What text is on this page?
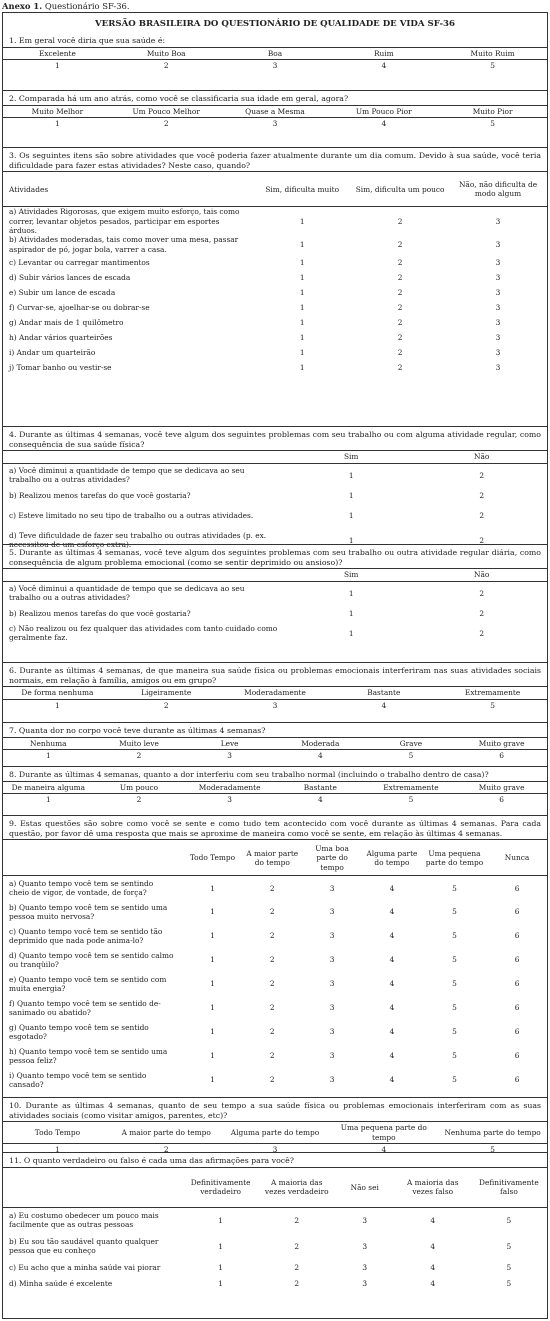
Anexo 1. Questionário SF-36.
VERSÃO BRASILEIRA DO QUESTIONÁRIO DE QUALIDADE DE VIDA SF-36
1. Em geral você diria que sua saúde é:
Excelente	Muito Boa	Boa	Ruim	Muito Ruim
1	2	3	4	5
2. Comparada há um ano atrás, como você se classificaria sua idade em geral, agora?
Muito Melhor	Um Pouco Melhor	Quase a Mesma	Um Pouco Pior	Muito Pior
1	2	3	4	5
3. Os seguintes itens são sobre atividades que você poderia fazer atualmente durante um dia comum. Devido à sua saúde, você teria dificuldade para fazer estas atividades? Neste caso, quando?
Atividades	Sim, dificulta muito	Sim, dificulta um pouco	Não, não dificulta de modo algum
a) Atividades Rigorosas, que exigem muito esforço, tais como correr, levantar objetos pesados, participar em esportes árduos.	1	2	3
b) Atividades moderadas, tais como mover uma mesa, passar aspirador de pó, jogar bola, varrer a casa.	1	2	3
c) Levantar ou carregar mantimentos	1	2	3
d) Subir vários lances de escada	1	2	3
e) Subir um lance de escada	1	2	3
f) Curvar-se, ajoelhar-se ou dobrar-se	1	2	3
g) Andar mais de 1 quilômetro	1	2	3
h) Andar vários quarteirões	1	2	3
i) Andar um quarteirão	1	2	3
j) Tomar banho ou vestir-se	1	2	3
4. Durante as últimas 4 semanas, você teve algum dos seguintes problemas com seu trabalho ou com alguma atividade regular, como consequência de sua saúde física?
	Sim	Não
a) Você diminui a quantidade de tempo que se dedicava ao seu trabalho ou a outras atividades?	1	2
b) Realizou menos tarefas do que você gostaria?	1	2
c) Esteve limitado no seu tipo de trabalho ou a outras atividades.	1	2
d) Teve dificuldade de fazer seu trabalho ou outras atividades (p. ex. necessitou de um esforço extra).	1	2
5. Durante as últimas 4 semanas, você teve algum dos seguintes problemas com seu trabalho ou outra atividade regular diária, como consequência de algum problema emocional (como se sentir deprimido ou ansioso)?
	Sim	Não
a) Você diminui a quantidade de tempo que se dedicava ao seu trabalho ou a outras atividades?	1	2
b) Realizou menos tarefas do que você gostaria?	1	2
c) Não realizou ou fez qualquer das atividades com tanto cuidado como geralmente faz.	1	2
6. Durante as últimas 4 semanas, de que maneira sua saúde física ou problemas emocionais interferiram nas suas atividades sociais normais, em relação à família, amigos ou em grupo?
De forma nenhuma	Ligeiramente	Moderadamente	Bastante	Extremamente
1	2	3	4	5
7. Quanta dor no corpo você teve durante as últimas 4 semanas?
Nenhuma	Muito leve	Leve	Moderada	Grave	Muito grave
1	2	3	4	5	6
8. Durante as últimas 4 semanas, quanto a dor interferiu com seu trabalho normal (incluindo o trabalho dentro de casa)?
De maneira alguma	Um pouco	Moderadamente	Bastante	Extremamente	Muito grave
1	2	3	4	5	6
9. Estas questões são sobre como você se sente e como tudo tem acontecido com você durante as últimas 4 semanas. Para cada questão, por favor dê uma resposta que mais se aproxime de maneira como você se sente, em relação às últimas 4 semanas.
	Todo Tempo	A maior parte do tempo	Uma boa parte do tempo	Alguma parte do tempo	Uma pequena parte do tempo	Nunca
a) Quanto tempo você tem se sentindo cheio de vigor, de vontade, de força?	1	2	3	4	5	6
b) Quanto tempo você tem se sentido uma pessoa muito nervosa?	1	2	3	4	5	6
c) Quanto tempo você tem se sentido tão deprimido que nada pode anima-lo?	1	2	3	4	5	6
d) Quanto tempo você tem se sentido calmo ou tranqüilo?	1	2	3	4	5	6
e) Quanto tempo você tem se sentido com muita energia?	1	2	3	4	5	6
f) Quanto tempo você tem se sentido de-sanimado ou abatido?	1	2	3	4	5	6
g) Quanto tempo você tem se sentido esgotado?	1	2	3	4	5	6
h) Quanto tempo você tem se sentido uma pessoa feliz?	1	2	3	4	5	6
i) Quanto tempo você tem se sentido cansado?	1	2	3	4	5	6
10. Durante as últimas 4 semanas, quanto de seu tempo a sua saúde física ou problemas emocionais interferiram com as suas atividades sociais (como visitar amigos, parentes, etc)?
Todo Tempo	A maior parte do tempo	Alguma parte do tempo	Uma pequena parte do tempo	Nenhuma parte do tempo
1	2	3	4	5
11. O quanto verdadeiro ou falso é cada uma das afirmações para você?
	Definitivamente verdadeiro	A maioria das vezes verdadeiro	Não sei	A maioria das vezes falso	Definitivamente falso
a) Eu costumo obedecer um pouco mais facilmente que as outras pessoas	1	2	3	4	5
b) Eu sou tão saudável quanto qualquer pessoa que eu conheço	1	2	3	4	5
c) Eu acho que a minha saúde vai piorar	1	2	3	4	5
d) Minha saúde é excelente	1	2	3	4	5
